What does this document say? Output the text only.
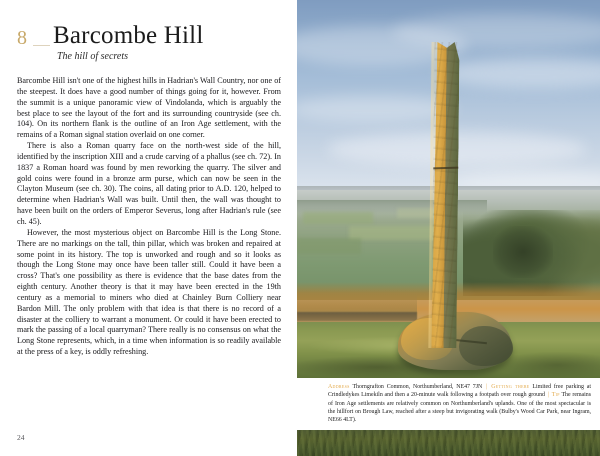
8 Barcombe Hill
The hill of secrets

Barcombe Hill isn't one of the highest hills in Hadrian's Wall Country, nor one of the steepest. It does have a good number of things going for it, however. From the summit is a unique panoramic view of Vindolanda, which is arguably the best place to see the layout of the fort and its surrounding countryside (see ch. 104). On its northern flank is the outline of an Iron Age settlement, with the remains of a Roman signal station overlaid on one corner.

There is also a Roman quarry face on the north-west side of the hill, identified by the inscription XIII and a crude carving of a phallus (see ch. 72). In 1837 a Roman hoard was found by men reworking the quarry. The silver and gold coins were found in a bronze arm purse, which can now be seen in the Clayton Museum (see ch. 30). The coins, all dating prior to A.D. 120, helped to determine when Hadrian's Wall was built. Until then, the wall was thought to have been built on the orders of Emperor Severus, long after Hadrian's rule (see ch. 45).

However, the most mysterious object on Barcombe Hill is the Long Stone. There are no markings on the tall, thin pillar, which was broken and repaired at some point in its history. The top is unworked and rough and so it looks as though the Long Stone may once have been taller still. Could it have been a cross? That's one possibility as there is evidence that the base dates from the eighth century. Another theory is that it may have been erected in the 19th century as a memorial to miners who died at Chainley Burn Colliery near Bardon Mill. The only problem with that idea is that there is no record of a disaster at the colliery to warrant a monument. Or could it have been erected to mark the passing of a local quarryman? There really is no consensus on what the Long Stone represents, which, in a time when information is so readily available at the press of a key, is oddly refreshing.

24

Address Thorngrafton Common, Northumberland, NE47 7JN | Getting there Limited free parking at Crindledykes Limekiln and then a 20-minute walk following a footpath over rough ground | Tip The remains of Iron Age settlements are relatively common on Northumberland's uplands. One of the most spectacular is the hillfort on Brough Law, reached after a steep but invigorating walk (Bulby's Wood Car Park, near Ingram, NE66 4LT).
